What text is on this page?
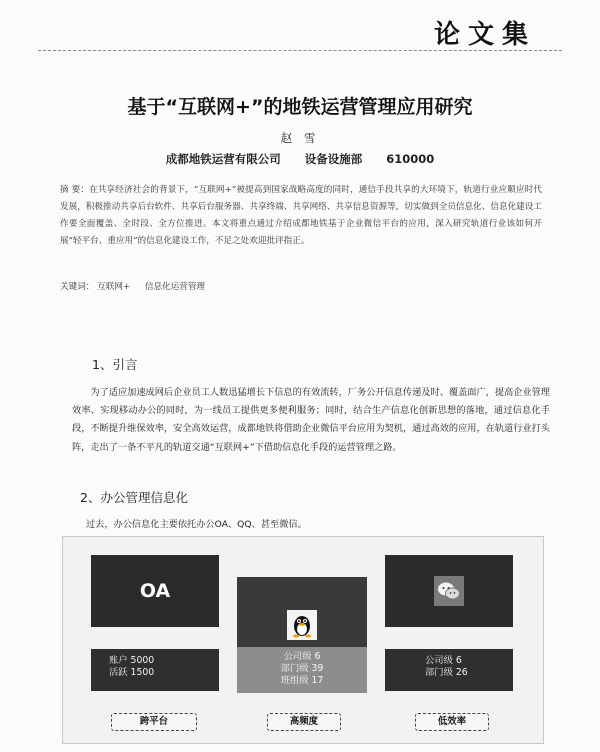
论文集
基于“互联网+”的地铁运营管理应用研究
赵 雪
成都地铁运营有限公司 设备设施部 610000
摘 要：在共享经济社会的背景下，“互联网+”被提高到国家战略高度的同时，通信手段共享的大环境下，轨道行业应顺应时代发展，积极推动共享后台软件、共享后台服务器、共享终端、共享网络、共享信息资源等，切实做到全员信息化、信息化建设工作要全面覆盖、全时段、全方位推进。本文将重点通过介绍成都地铁基于企业微信平台的应用，深入研究轨道行业该如何开展“轻平台、重应用”的信息化建设工作，不足之处欢迎批评指正。
关键词： 互联网+ 信息化运营管理
1、引言
为了适应加速成网后企业员工人数迅猛增长下信息的有效流转，厂务公开信息传递及时、覆盖面广，提高企业管理效率、实现移动办公的同时，为一线员工提供更多便利服务；同时，结合生产信息化创新思想的落地，通过信息化手段，不断提升维保效率，安全高效运营，成都地铁将借助企业微信平台应用为契机，通过高效的应用，在轨道行业打头阵，走出了一条不平凡的轨道交通“互联网+”下借助信息化手段的运营管理之路。
2、办公管理信息化
过去，办公信息化主要依托办公OA、QQ、甚至微信。
OA
账户 5000
活跃 1500
跨平台
公司级 6
部门级 39
班组级 17
高频度
公司级 6
部门级 26
低效率
